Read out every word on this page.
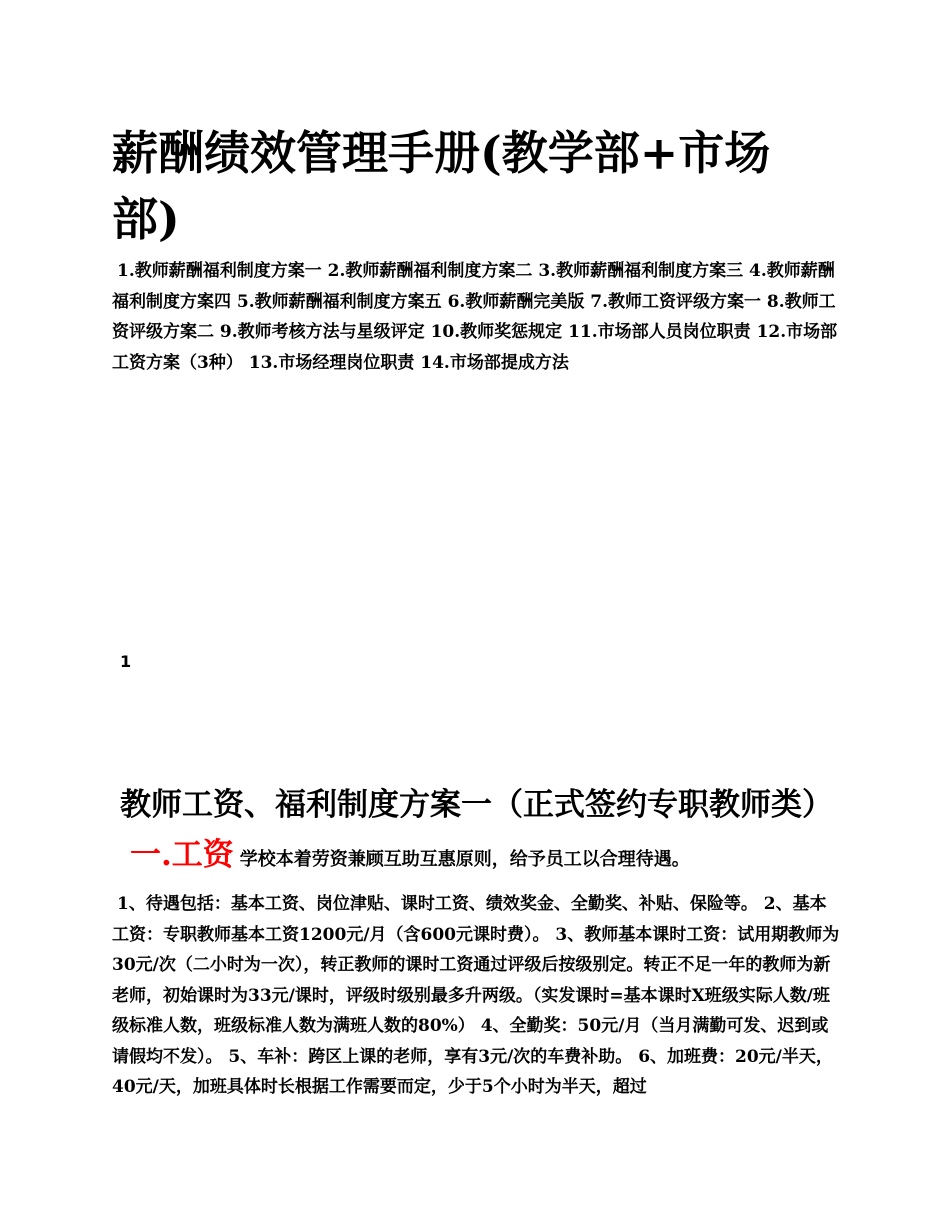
薪酬绩效管理手册(教学部+市场部)

1.教师薪酬福利制度方案一 2.教师薪酬福利制度方案二 3.教师薪酬福利制度方案三 4.教师薪酬福利制度方案四 5.教师薪酬福利制度方案五 6.教师薪酬完美版 7.教师工资评级方案一 8.教师工资评级方案二 9.教师考核方法与星级评定 10.教师奖惩规定 11.市场部人员岗位职责 12.市场部工资方案（3种） 13.市场经理岗位职责 14.市场部提成方法

1

教师工资、福利制度方案一（正式签约专职教师类）一.工资 学校本着劳资兼顾互助互惠原则，给予员工以合理待遇。

1、待遇包括：基本工资、岗位津贴、课时工资、绩效奖金、全勤奖、补贴、保险等。 2、基本工资：专职教师基本工资1200元/月（含600元课时费）。 3、教师基本课时工资：试用期教师为30元/次（二小时为一次），转正教师的课时工资通过评级后按级别定。转正不足一年的教师为新老师，初始课时为33元/课时，评级时级别最多升两级。（实发课时=基本课时X班级实际人数/班级标准人数，班级标准人数为满班人数的80%） 4、全勤奖：50元/月（当月满勤可发、迟到或请假均不发）。 5、车补：跨区上课的老师，享有3元/次的车费补助。 6、加班费：20元/半天，40元/天，加班具体时长根据工作需要而定，少于5个小时为半天，超过
